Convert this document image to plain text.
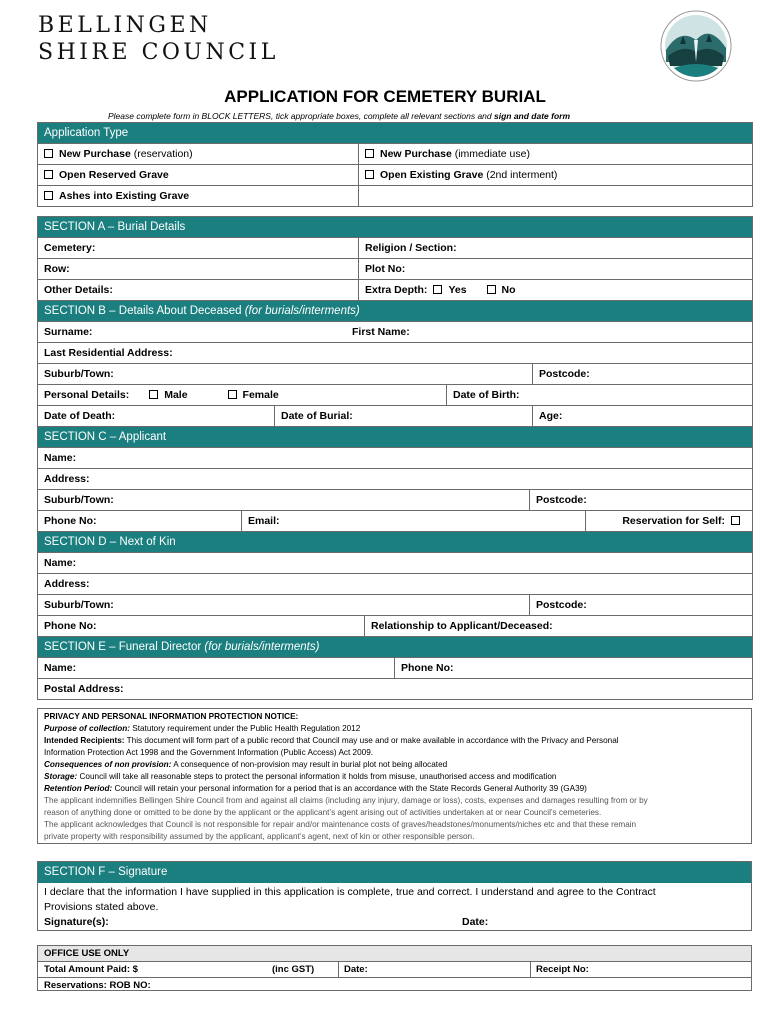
BELLINGEN
SHIRE COUNCIL
APPLICATION FOR CEMETERY BURIAL
Please complete form in BLOCK LETTERS, tick appropriate boxes, complete all relevant sections and sign and date form
Application Type	
New Purchase (reservation)	New Purchase (immediate use)
Open Reserved Grave	Open Existing Grave (2nd interment)
Ashes into Existing Grave	
SECTION A – Burial Details	
Cemetery:	Religion / Section:
Row:	Plot No:
Other Details:	Extra Depth: Yes No
SECTION B – Details About Deceased (for burials/interments)			
Surname: First Name:			

Last Residential Address:			
Suburb/Town:			Postcode:
Personal Details: Male Female		Date of Birth:	
Date of Death:	Date of Burial:		Age:
SECTION C – Applicant			
Name:			
Address:			
Suburb/Town:		Postcode:	
Phone No:	Email:		Reservation for Self:
SECTION D – Next of Kin		
Name:		
Address:		
Suburb/Town:		Postcode:
Phone No:	Relationship to Applicant/Deceased:	
SECTION E – Funeral Director (for burials/interments)
Name:	Phone No:
Postal Address:
PRIVACY AND PERSONAL INFORMATION PROTECTION NOTICE:
Purpose of collection: Statutory requirement under the Public Health Regulation 2012
Intended Recipients: This document will form part of a public record that Council may use and or make available in accordance with the Privacy and Personal
Information Protection Act 1998 and the Government Information (Public Access) Act 2009.
Consequences of non provision: A consequence of non-provision may result in burial plot not being allocated
Storage: Council will take all reasonable steps to protect the personal information it holds from misuse, unauthorised access and modification
Retention Period: Council will retain your personal information for a period that is an accordance with the State Records General Authority 39 (GA39)
The applicant indemnifies Bellingen Shire Council from and against all claims (including any injury, damage or loss), costs, expenses and damages resulting from or by
reason of anything done or omitted to be done by the applicant or the applicant’s agent arising out of activities undertaken at or near Council’s cemeteries.
The applicant acknowledges that Council is not responsible for repair and/or maintenance costs of graves/headstones/monuments/niches etc and that these remain
private property with responsibility assumed by the applicant, applicant’s agent, next of kin or other responsible person.
SECTION F – Signature
I declare that the information I have supplied in this application is complete, true and correct. I understand and agree to the Contract
Provisions stated above.
Signature(s):	Date:
OFFICE USE ONLY
Total Amount Paid: $	(inc GST)	Date:	Receipt No:
Reservations: ROB NO:
